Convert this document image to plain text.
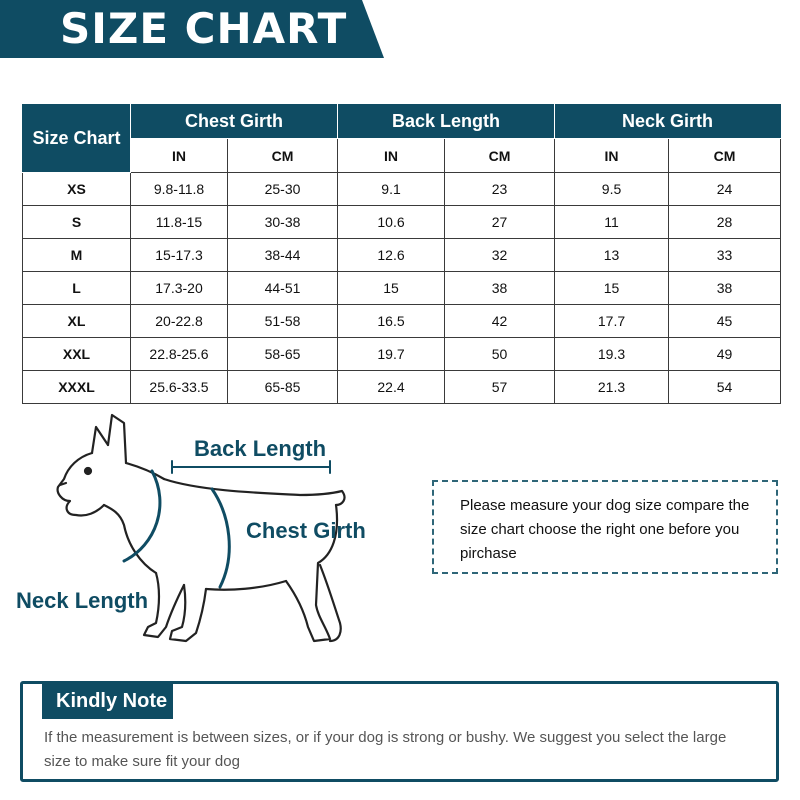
SIZE CHART
Size Chart	Chest Girth		Back Length		Neck Girth	
	IN	CM	IN	CM	IN	CM
XS	9.8-11.8	25-30	9.1	23	9.5	24
S	11.8-15	30-38	10.6	27	11	28
M	15-17.3	38-44	12.6	32	13	33
L	17.3-20	44-51	15	38	15	38
XL	20-22.8	51-58	16.5	42	17.7	45
XXL	22.8-25.6	58-65	19.7	50	19.3	49
XXXL	25.6-33.5	65-85	22.4	57	21.3	54
Back Length
Chest Girth
Neck Length
Please measure your dog size compare the size chart choose the right one before you pirchase
Kindly Note
If the measurement is between sizes, or if your dog is strong or bushy. We suggest you select the large size to make sure fit your dog
